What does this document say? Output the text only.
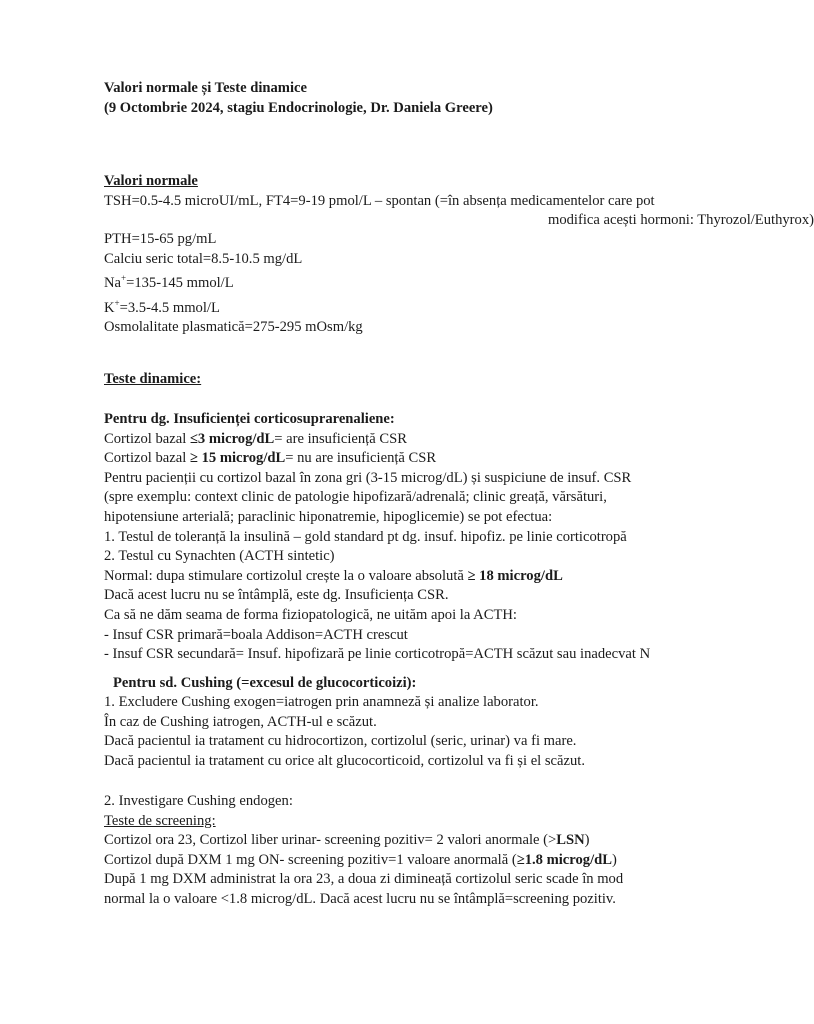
Valori normale și Teste dinamice
(9 Octombrie 2024, stagiu Endocrinologie, Dr. Daniela Greere)
Valori normale
TSH=0.5-4.5 microUI/mL, FT4=9-19 pmol/L – spontan (=în absența medicamentelor care pot
modifica acești hormoni: Thyrozol/Euthyrox)
PTH=15-65 pg/mL
Calciu seric total=8.5-10.5 mg/dL
Na+=135-145 mmol/L
K+=3.5-4.5 mmol/L
Osmolalitate plasmatică=275-295 mOsm/kg
Teste dinamice:
Pentru dg. Insuficienței corticosuprarenaliene:
Cortizol bazal ≤3 microg/dL= are insuficiență CSR
Cortizol bazal ≥ 15 microg/dL= nu are insuficiență CSR
Pentru pacienții cu cortizol bazal în zona gri (3-15 microg/dL) și suspiciune de insuf. CSR
(spre exemplu: context clinic de patologie hipofizară/adrenală; clinic greață, vărsături,
hipotensiune arterială; paraclinic hiponatremie, hipoglicemie) se pot efectua:
1. Testul de toleranță la insulină – gold standard pt dg. insuf. hipofiz. pe linie corticotropă
2. Testul cu Synachten (ACTH sintetic)
Normal: dupa stimulare cortizolul crește la o valoare absolută ≥ 18 microg/dL
Dacă acest lucru nu se întâmplă, este dg. Insuficiența CSR.
Ca să ne dăm seama de forma fiziopatologică, ne uităm apoi la ACTH:
- Insuf CSR primară=boala Addison=ACTH crescut
- Insuf CSR secundară= Insuf. hipofizară pe linie corticotropă=ACTH scăzut sau inadecvat N
Pentru sd. Cushing (=excesul de glucocorticoizi):
1. Excludere Cushing exogen=iatrogen prin anamneză și analize laborator.
În caz de Cushing iatrogen, ACTH-ul e scăzut.
Dacă pacientul ia tratament cu hidrocortizon, cortizolul (seric, urinar) va fi mare.
Dacă pacientul ia tratament cu orice alt glucocorticoid, cortizolul va fi și el scăzut.
2. Investigare Cushing endogen:
Teste de screening:
Cortizol ora 23, Cortizol liber urinar- screening pozitiv= 2 valori anormale (>LSN)
Cortizol după DXM 1 mg ON- screening pozitiv=1 valoare anormală (≥1.8 microg/dL)
După 1 mg DXM administrat la ora 23, a doua zi dimineață cortizolul seric scade în mod
normal la o valoare <1.8 microg/dL. Dacă acest lucru nu se întâmplă=screening pozitiv.
